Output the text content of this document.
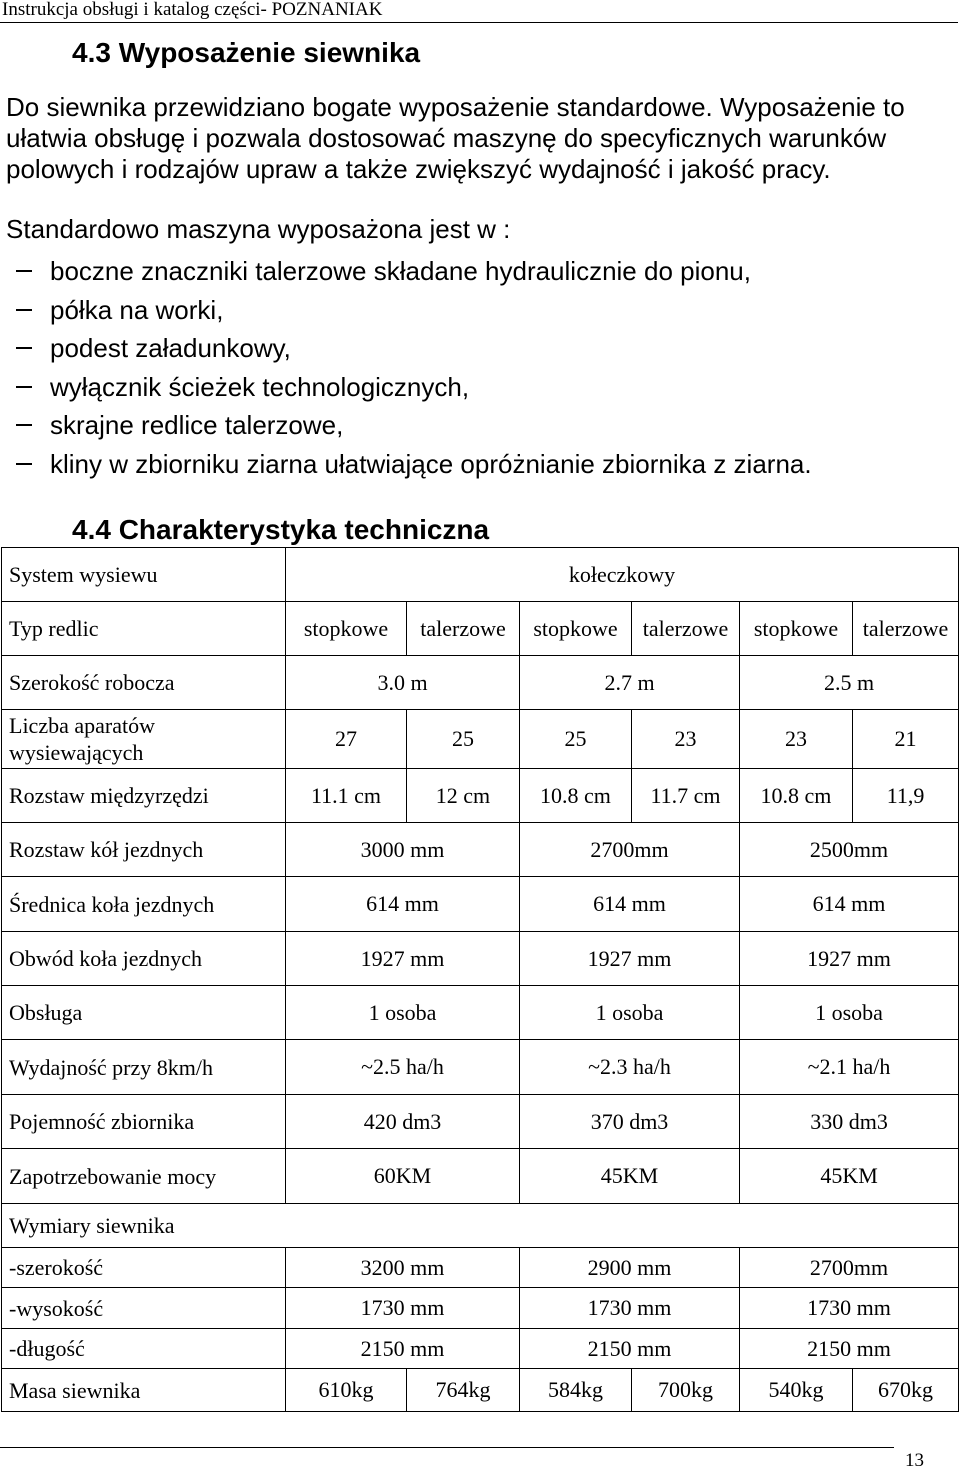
Instrukcja obsługi i katalog części- POZNANIAK
4.3 Wyposażenie siewnika

Do siewnika przewidziano bogate wyposażenie standardowe. Wyposażenie to ułatwia obsługę i pozwala dostosować maszynę do specyficznych warunków polowych i rodzajów upraw a także zwiększyć wydajność i jakość pracy.

Standardowo maszyna wyposażona jest w :
boczne znaczniki talerzowe składane hydraulicznie do pionu,
półka na worki,
podest załadunkowy,
wyłącznik ścieżek technologicznych,
skrajne redlice talerzowe,
kliny w zbiorniku ziarna ułatwiające opróżnianie zbiornika z ziarna.
4.4 Charakterystyka techniczna
System wysiewu	kołeczkowy					
Typ redlic	stopkowe	talerzowe	stopkowe	talerzowe	stopkowe	talerzowe
Szerokość robocza	3.0 m		2.7 m		2.5 m	
Liczba aparatów wysiewających	27	25	25	23	23	21
Rozstaw międzyrzędzi	11.1 cm	12 cm	10.8 cm	11.7 cm	10.8 cm	11,9
Rozstaw kół jezdnych	3000 mm		2700mm		2500mm	
Średnica koła jezdnych	614 mm		614 mm		614 mm	
Obwód koła jezdnych	1927 mm		1927 mm		1927 mm	
Obsługa	1 osoba		1 osoba		1 osoba	
Wydajność przy 8km/h	~2.5 ha/h		~2.3 ha/h		~2.1 ha/h	
Pojemność zbiornika	420 dm3		370 dm3		330 dm3	
Zapotrzebowanie mocy	60KM		45KM		45KM	
Wymiary siewnika						
-szerokość	3200 mm		2900 mm		2700mm	
-wysokość	1730 mm		1730 mm		1730 mm	
-długość	2150 mm		2150 mm		2150 mm	
Masa siewnika	610kg	764kg	584kg	700kg	540kg	670kg
13
